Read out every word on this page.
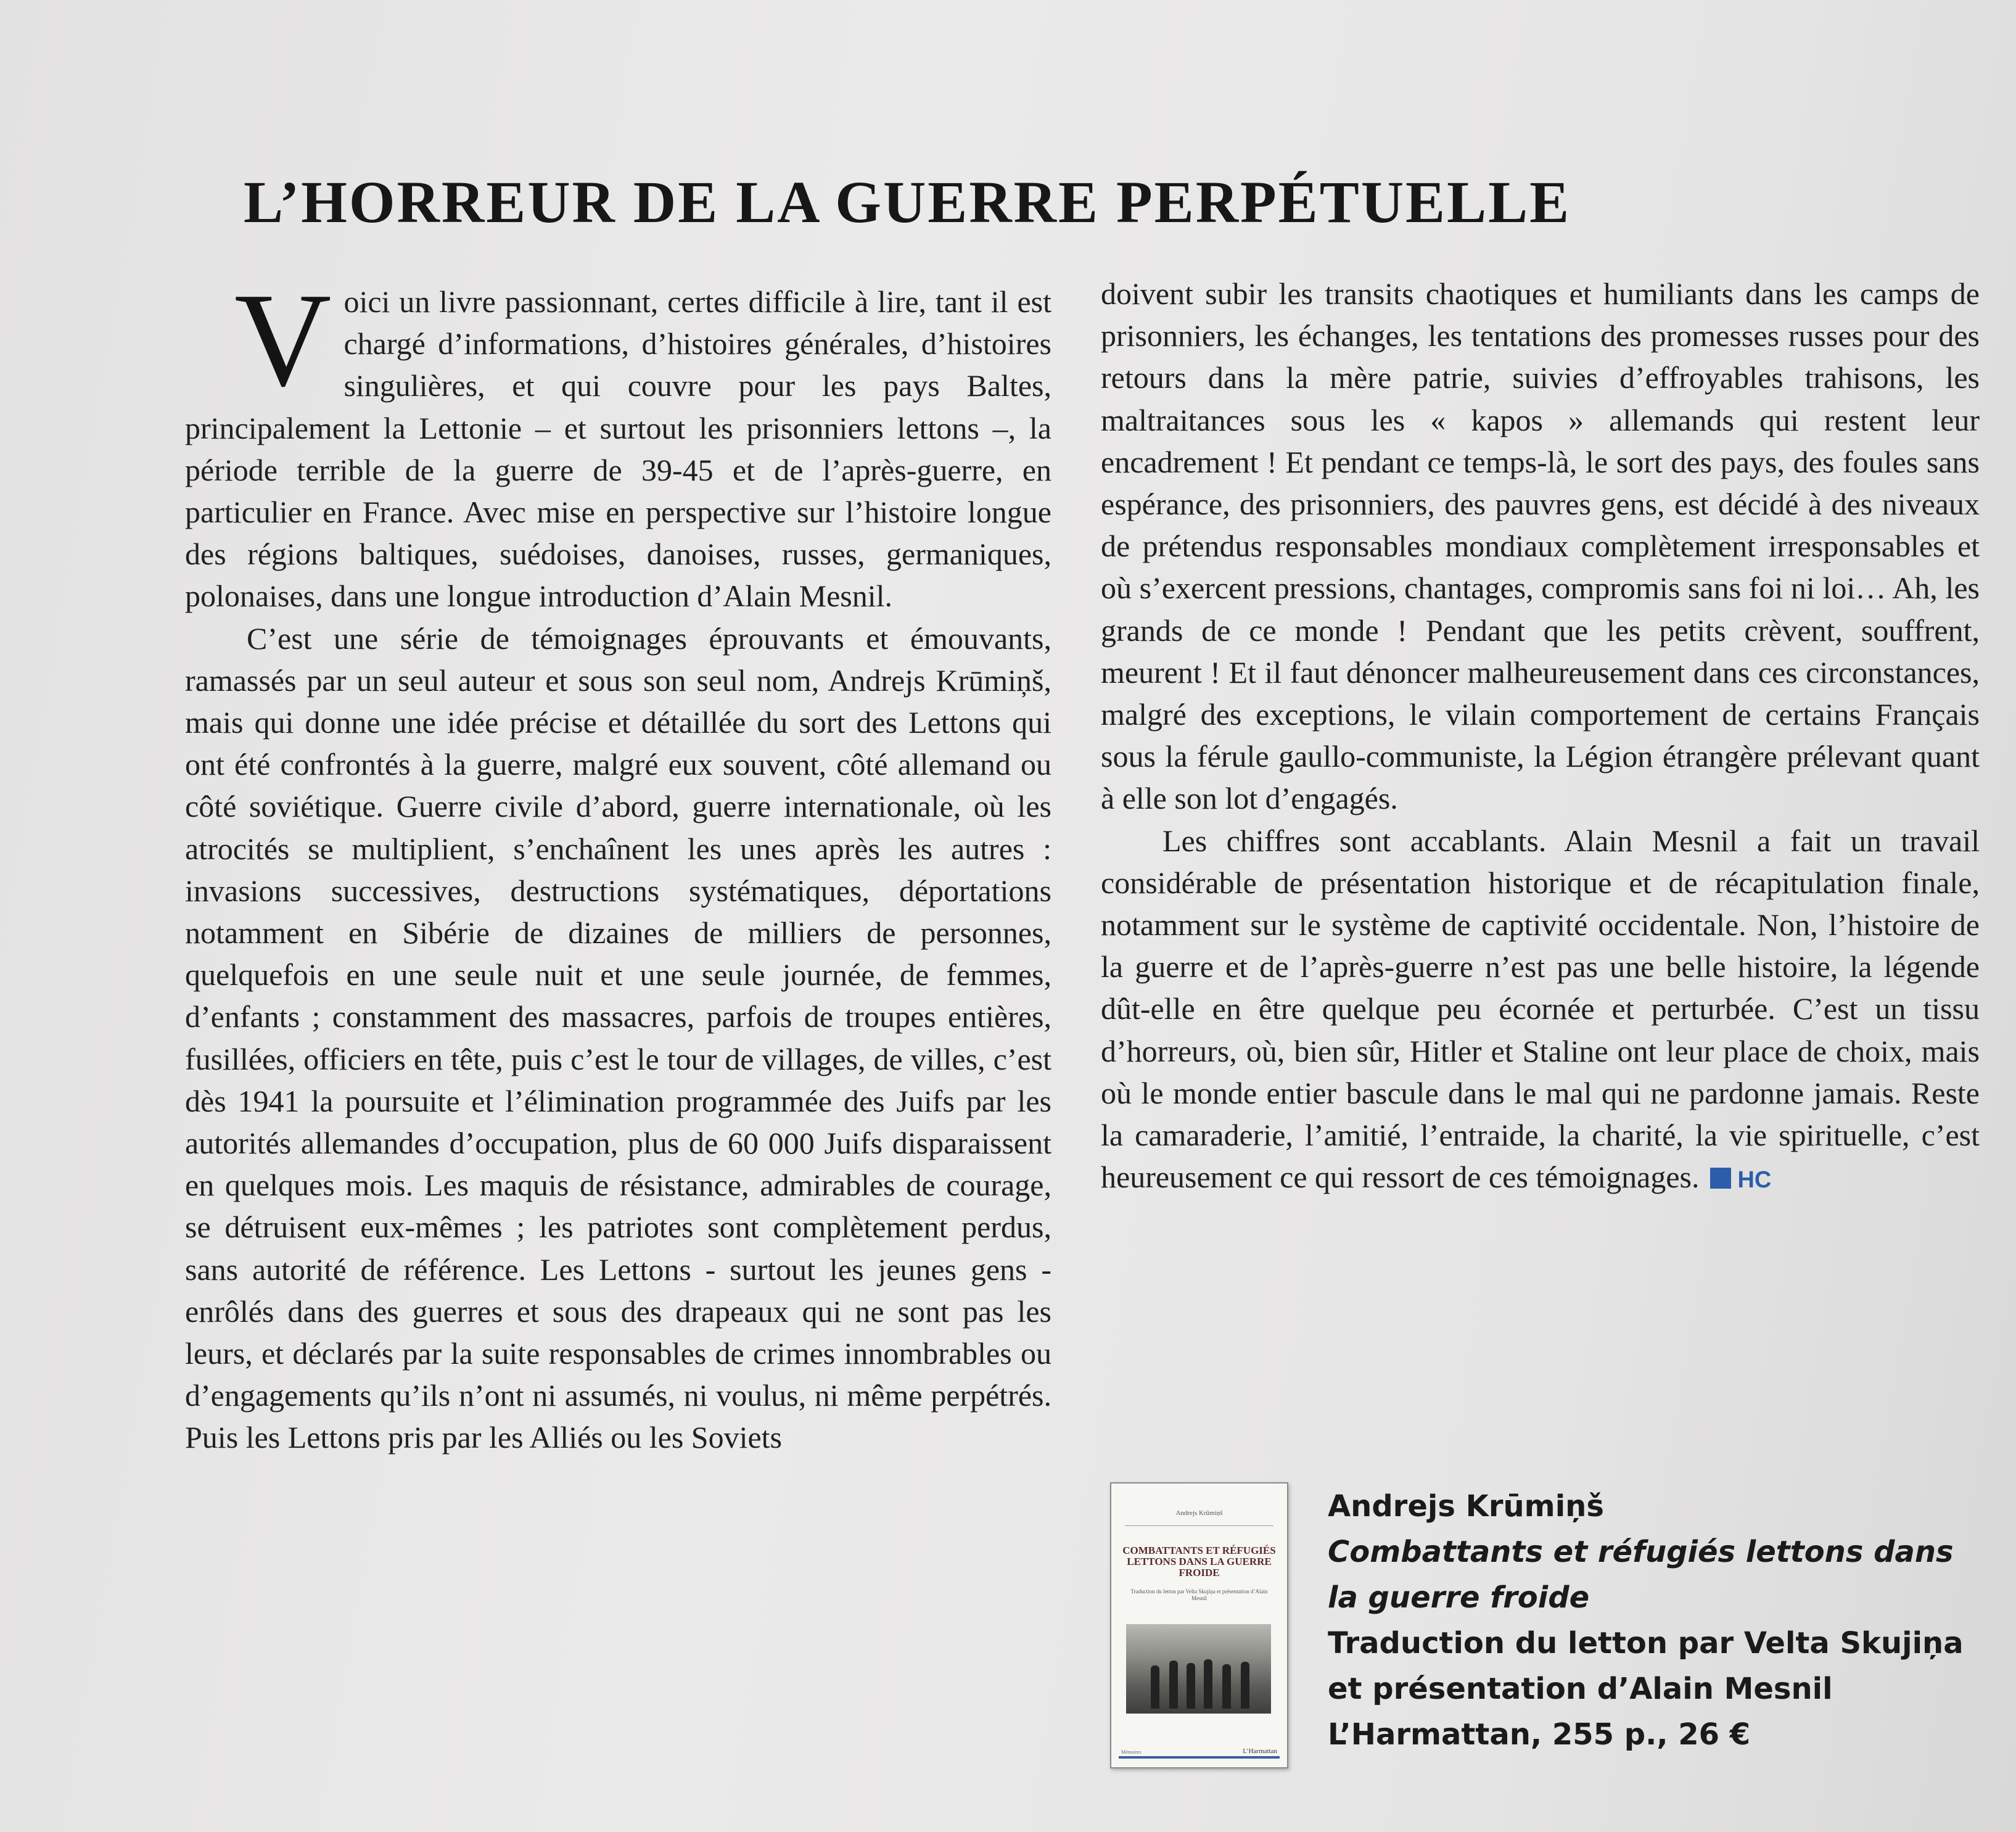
L’HORREUR DE LA GUERRE PERPÉTUELLE

Voici un livre passionnant, certes difficile à lire, tant il est chargé d’informations, d’histoires générales, d’histoires singulières, et qui couvre pour les pays Baltes, principalement la Lettonie – et surtout les prisonniers lettons –, la période terrible de la guerre de 39-45 et de l’après-guerre, en particulier en France. Avec mise en perspective sur l’histoire longue des régions baltiques, suédoises, danoises, russes, germaniques, polonaises, dans une longue introduction d’Alain Mesnil.

C’est une série de témoignages éprouvants et émouvants, ramassés par un seul auteur et sous son seul nom, Andrejs Krūmiņš, mais qui donne une idée précise et détaillée du sort des Lettons qui ont été confrontés à la guerre, malgré eux souvent, côté allemand ou côté soviétique. Guerre civile d’abord, guerre internationale, où les atrocités se multiplient, s’enchaînent les unes après les autres : invasions successives, destructions systématiques, déportations notamment en Sibérie de dizaines de milliers de personnes, quelquefois en une seule nuit et une seule journée, de femmes, d’enfants ; constamment des massacres, parfois de troupes entières, fusillées, officiers en tête, puis c’est le tour de villages, de villes, c’est dès 1941 la poursuite et l’élimination programmée des Juifs par les autorités allemandes d’occupation, plus de 60 000 Juifs disparaissent en quelques mois. Les maquis de résistance, admirables de courage, se détruisent eux-mêmes ; les patriotes sont complètement perdus, sans autorité de référence. Les Lettons - surtout les jeunes gens - enrôlés dans des guerres et sous des drapeaux qui ne sont pas les leurs, et déclarés par la suite responsables de crimes innombrables ou d’engagements qu’ils n’ont ni assumés, ni voulus, ni même perpétrés. Puis les Lettons pris par les Alliés ou les Soviets

doivent subir les transits chaotiques et humiliants dans les camps de prisonniers, les échanges, les tentations des promesses russes pour des retours dans la mère patrie, suivies d’effroyables trahisons, les maltraitances sous les « kapos » allemands qui restent leur encadrement ! Et pendant ce temps-là, le sort des pays, des foules sans espérance, des prisonniers, des pauvres gens, est décidé à des niveaux de prétendus responsables mondiaux complètement irresponsables et où s’exercent pressions, chantages, compromis sans foi ni loi… Ah, les grands de ce monde ! Pendant que les petits crèvent, souffrent, meurent ! Et il faut dénoncer malheureusement dans ces circonstances, malgré des exceptions, le vilain comportement de certains Français sous la férule gaullo-communiste, la Légion étrangère prélevant quant à elle son lot d’engagés.

Les chiffres sont accablants. Alain Mesnil a fait un travail considérable de présentation historique et de récapitulation finale, notamment sur le système de captivité occidentale. Non, l’histoire de la guerre et de l’après-guerre n’est pas une belle histoire, la légende dût-elle en être quelque peu écornée et perturbée. C’est un tissu d’horreurs, où, bien sûr, Hitler et Staline ont leur place de choix, mais où le monde entier bascule dans le mal qui ne pardonne jamais. Reste la camaraderie, l’amitié, l’entraide, la charité, la vie spirituelle, c’est heureusement ce qui ressort de ces témoignages. HC

Andrejs Krūmiņš
COMBATTANTS ET RÉFUGIÉS LETTONS DANS LA GUERRE FROIDE
Traduction du letton par Velta Skujiņa et présentation d’Alain Mesnil
Mémoires	L’Harmattan
Andrejs Krūmiņš
Combattants et réfugiés lettons dans la guerre froide
Traduction du letton par Velta Skujiņa et présentation d’Alain Mesnil
L’Harmattan, 255 p., 26 €
